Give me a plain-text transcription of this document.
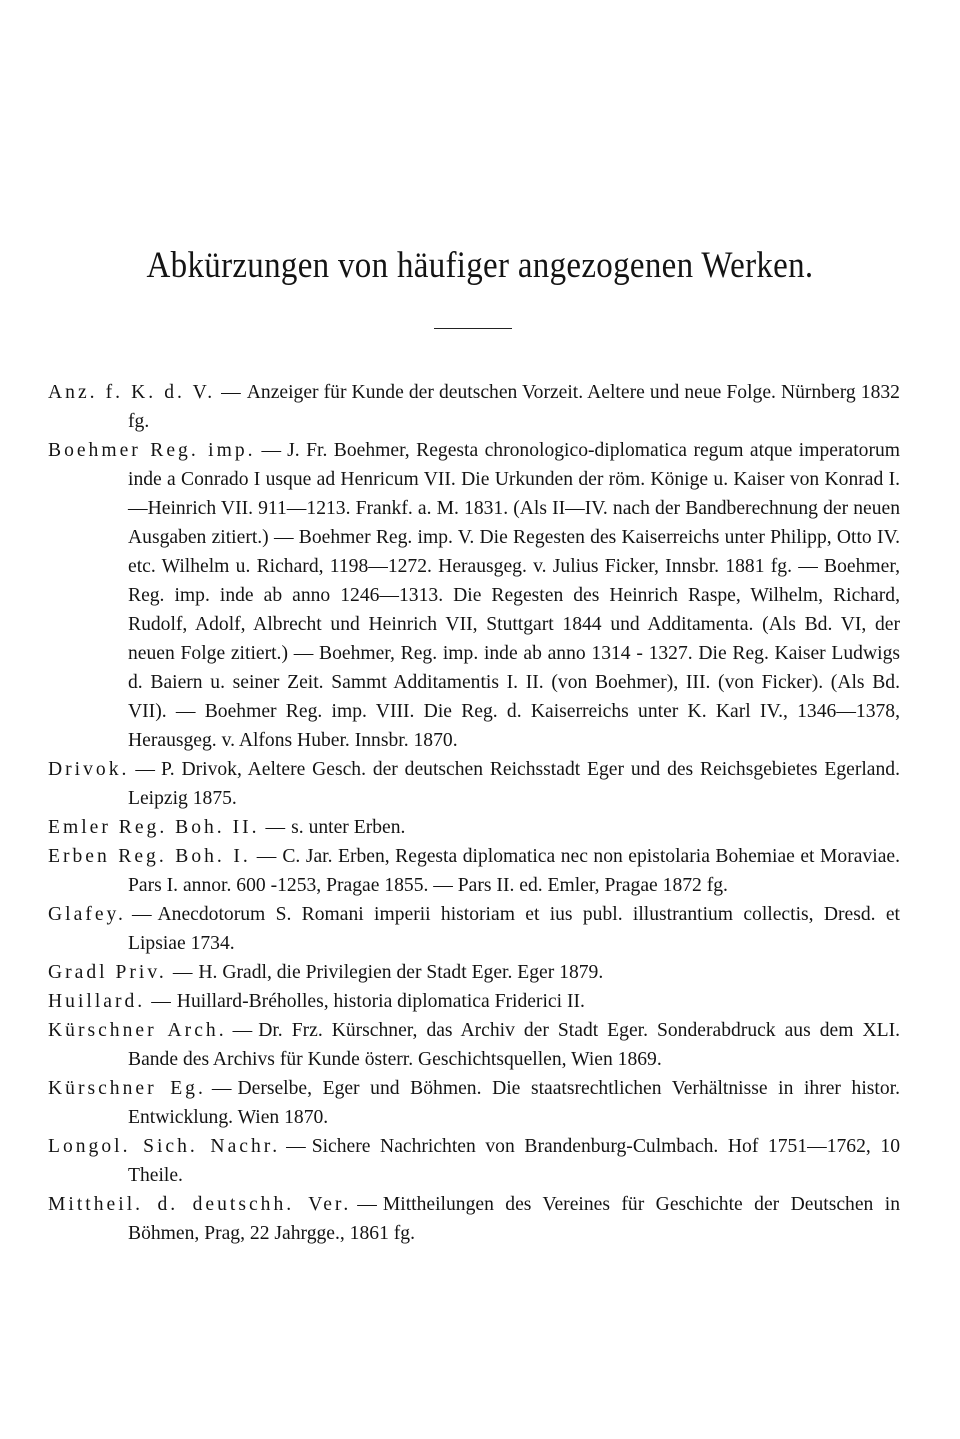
Abkürzungen von häufiger angezogenen Werken.

Anz. f. K. d. V. — Anzeiger für Kunde der deutschen Vorzeit. Aeltere und neue Folge. Nürnberg 1832 fg.

Boehmer Reg. imp. — J. Fr. Boehmer, Regesta chronologico-diplomatica regum atque imperatorum inde a Conrado I usque ad Henricum VII. Die Urkunden der röm. Könige u. Kaiser von Konrad I.—Heinrich VII. 911—1213. Frankf. a. M. 1831. (Als II—IV. nach der Bandberechnung der neuen Ausgaben zitiert.) — Boehmer Reg. imp. V. Die Regesten des Kaiserreichs unter Philipp, Otto IV. etc. Wilhelm u. Richard, 1198—1272. Herausgeg. v. Julius Ficker, Innsbr. 1881 fg. — Boehmer, Reg. imp. inde ab anno 1246—1313. Die Regesten des Heinrich Raspe, Wilhelm, Richard, Rudolf, Adolf, Albrecht und Heinrich VII, Stuttgart 1844 und Additamenta. (Als Bd. VI, der neuen Folge zitiert.) — Boehmer, Reg. imp. inde ab anno 1314 - 1327. Die Reg. Kaiser Ludwigs d. Baiern u. seiner Zeit. Sammt Additamentis I. II. (von Boehmer), III. (von Ficker). (Als Bd. VII). — Boehmer Reg. imp. VIII. Die Reg. d. Kaiserreichs unter K. Karl IV., 1346—1378, Herausgeg. v. Alfons Huber. Innsbr. 1870.

Drivok. — P. Drivok, Aeltere Gesch. der deutschen Reichsstadt Eger und des Reichsgebietes Egerland. Leipzig 1875.

Emler Reg. Boh. II. — s. unter Erben.

Erben Reg. Boh. I. — C. Jar. Erben, Regesta diplomatica nec non epistolaria Bohemiae et Moraviae. Pars I. annor. 600 -1253, Pragae 1855. — Pars II. ed. Emler, Pragae 1872 fg.

Glafey. — Anecdotorum S. Romani imperii historiam et ius publ. illustrantium collectis, Dresd. et Lipsiae 1734.

Gradl Priv. — H. Gradl, die Privilegien der Stadt Eger. Eger 1879.

Huillard. — Huillard-Bréholles, historia diplomatica Friderici II.

Kürschner Arch. — Dr. Frz. Kürschner, das Archiv der Stadt Eger. Sonderabdruck aus dem XLI. Bande des Archivs für Kunde österr. Geschichtsquellen, Wien 1869.

Kürschner Eg. — Derselbe, Eger und Böhmen. Die staatsrechtlichen Verhältnisse in ihrer histor. Entwicklung. Wien 1870.

Longol. Sich. Nachr. — Sichere Nachrichten von Brandenburg-Culmbach. Hof 1751—1762, 10 Theile.

Mittheil. d. deutschh. Ver. — Mittheilungen des Vereines für Geschichte der Deutschen in Böhmen, Prag, 22 Jahrgge., 1861 fg.
